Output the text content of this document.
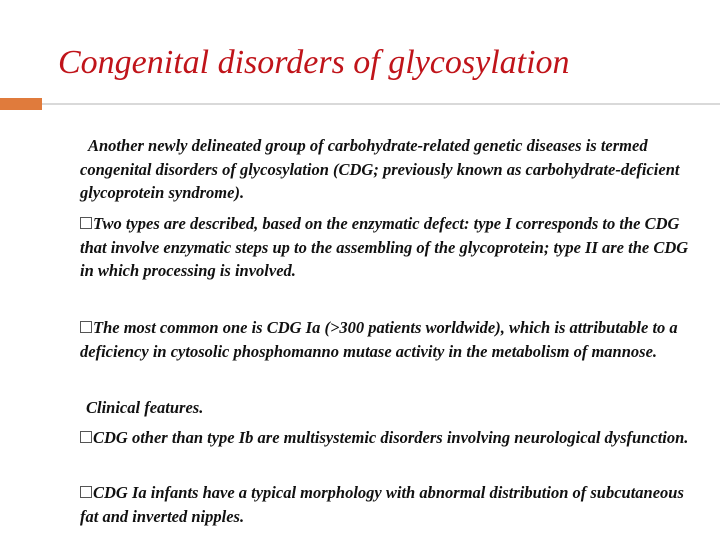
Congenital disorders of glycosylation
Another newly delineated group of carbohydrate-related genetic diseases is termed congenital disorders of glycosylation (CDG; previously known as carbohydrate-deficient glycoprotein syndrome).
Two types are described, based on the enzymatic defect: type I corresponds to the CDG that involve enzymatic steps up to the assembling of the glycoprotein; type II are the CDG in which processing is involved.
The most common one is CDG Ia (>300 patients worldwide), which is attributable to a deficiency in cytosolic phosphomanno mutase activity in the metabolism of mannose.
Clinical features.
CDG other than type Ib are multisystemic disorders involving neurological dysfunction.
CDG Ia infants have a typical morphology with abnormal distribution of subcutaneous fat and inverted nipples.
